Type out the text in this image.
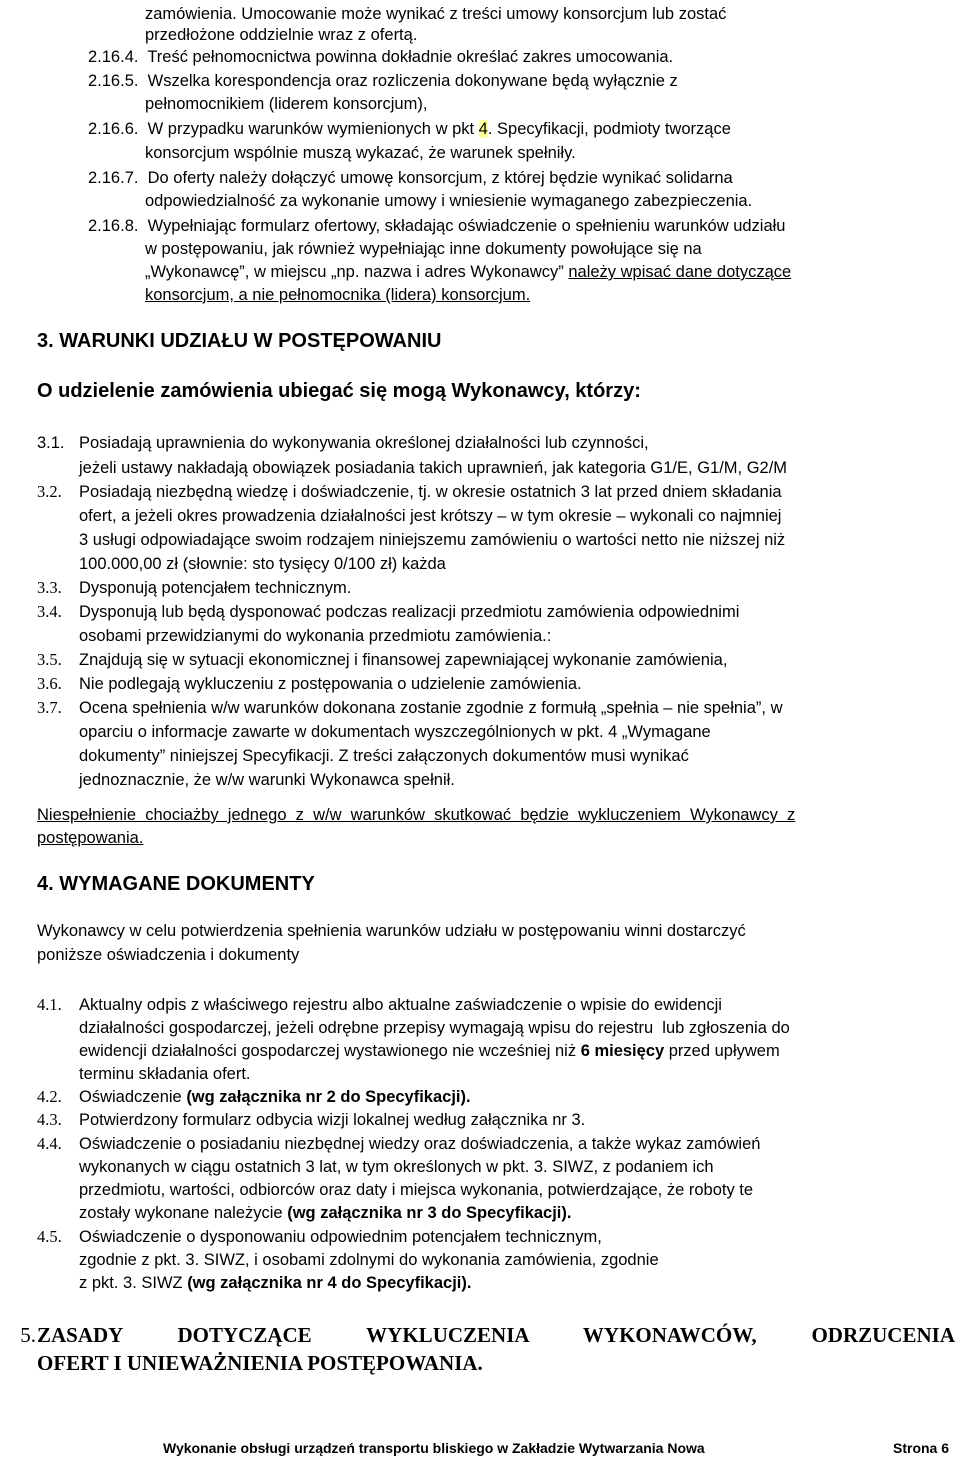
zamówienia. Umocowanie może wynikać z treści umowy konsorcjum lub zostać
przedłożone oddzielnie wraz z ofertą.
2.16.4.  Treść pełnomocnictwa powinna dokładnie określać zakres umocowania.
2.16.5.  Wszelka korespondencja oraz rozliczenia dokonywane będą wyłącznie z
pełnomocnikiem (liderem konsorcjum),
2.16.6.  W przypadku warunków wymienionych w pkt 4. Specyfikacji, podmioty tworzące
konsorcjum wspólnie muszą wykazać, że warunek spełniły.
2.16.7.  Do oferty należy dołączyć umowę konsorcjum, z której będzie wynikać solidarna
odpowiedzialność za wykonanie umowy i wniesienie wymaganego zabezpieczenia.
2.16.8.  Wypełniając formularz ofertowy, składając oświadczenie o spełnieniu warunków udziału
w postępowaniu, jak również wypełniając inne dokumenty powołujące się na
„Wykonawcę”, w miejscu „np. nazwa i adres Wykonawcy” należy wpisać dane dotyczące
konsorcjum, a nie pełnomocnika (lidera) konsorcjum.
3. WARUNKI UDZIAŁU W POSTĘPOWANIU
O udzielenie zamówienia ubiegać się mogą Wykonawcy, którzy:
3.1. Posiadają uprawnienia do wykonywania określonej działalności lub czynności,
jeżeli ustawy nakładają obowiązek posiadania takich uprawnień, jak kategoria G1/E, G1/M, G2/M
3.2. Posiadają niezbędną wiedzę i doświadczenie, tj. w okresie ostatnich 3 lat przed dniem składania
ofert, a jeżeli okres prowadzenia działalności jest krótszy – w tym okresie – wykonali co najmniej
3 usługi odpowiadające swoim rodzajem niniejszemu zamówieniu o wartości netto nie niższej niż
100.000,00 zł (słownie: sto tysięcy 0/100 zł) każda
3.3. Dysponują potencjałem technicznym.
3.4. Dysponują lub będą dysponować podczas realizacji przedmiotu zamówienia odpowiednimi
osobami przewidzianymi do wykonania przedmiotu zamówienia.:
3.5. Znajdują się w sytuacji ekonomicznej i finansowej zapewniającej wykonanie zamówienia,
3.6. Nie podlegają wykluczeniu z postępowania o udzielenie zamówienia.
3.7. Ocena spełnienia w/w warunków dokonana zostanie zgodnie z formułą „spełnia – nie spełnia”, w
oparciu o informacje zawarte w dokumentach wyszczególnionych w pkt. 4 „Wymagane
dokumenty” niniejszej Specyfikacji. Z treści załączonych dokumentów musi wynikać
jednoznacznie, że w/w warunki Wykonawca spełnił.
Niespełnienie  chociażby  jednego  z  w/w  warunków  skutkować  będzie  wykluczeniem  Wykonawcy  z
postępowania.
4. WYMAGANE DOKUMENTY
Wykonawcy w celu potwierdzenia spełnienia warunków udziału w postępowaniu winni dostarczyć
poniższe oświadczenia i dokumenty
4.1. Aktualny odpis z właściwego rejestru albo aktualne zaświadczenie o wpisie do ewidencji
działalności gospodarczej, jeżeli odrębne przepisy wymagają wpisu do rejestru  lub zgłoszenia do
ewidencji działalności gospodarczej wystawionego nie wcześniej niż 6 miesięcy przed upływem
terminu składania ofert.
4.2. Oświadczenie (wg załącznika nr 2 do Specyfikacji).
4.3. Potwierdzony formularz odbycia wizji lokalnej według załącznika nr 3.
4.4. Oświadczenie o posiadaniu niezbędnej wiedzy oraz doświadczenia, a także wykaz zamówień
wykonanych w ciągu ostatnich 3 lat, w tym określonych w pkt. 3. SIWZ, z podaniem ich
przedmiotu, wartości, odbiorców oraz daty i miejsca wykonania, potwierdzające, że roboty te
zostały wykonane należycie (wg załącznika nr 3 do Specyfikacji).
4.5. Oświadczenie o dysponowaniu odpowiednim potencjałem technicznym,
zgodnie z pkt. 3. SIWZ, i osobami zdolnymi do wykonania zamówienia, zgodnie
z pkt. 3. SIWZ (wg załącznika nr 4 do Specyfikacji).
5. ZASADY DOTYCZĄCE WYKLUCZENIA WYKONAWCÓW, ODRZUCENIA
OFERT I UNIEWAŻNIENIA POSTĘPOWANIA.
Wykonanie obsługi urządzeń transportu bliskiego w Zakładzie Wytwarzania Nowa	Strona 6
